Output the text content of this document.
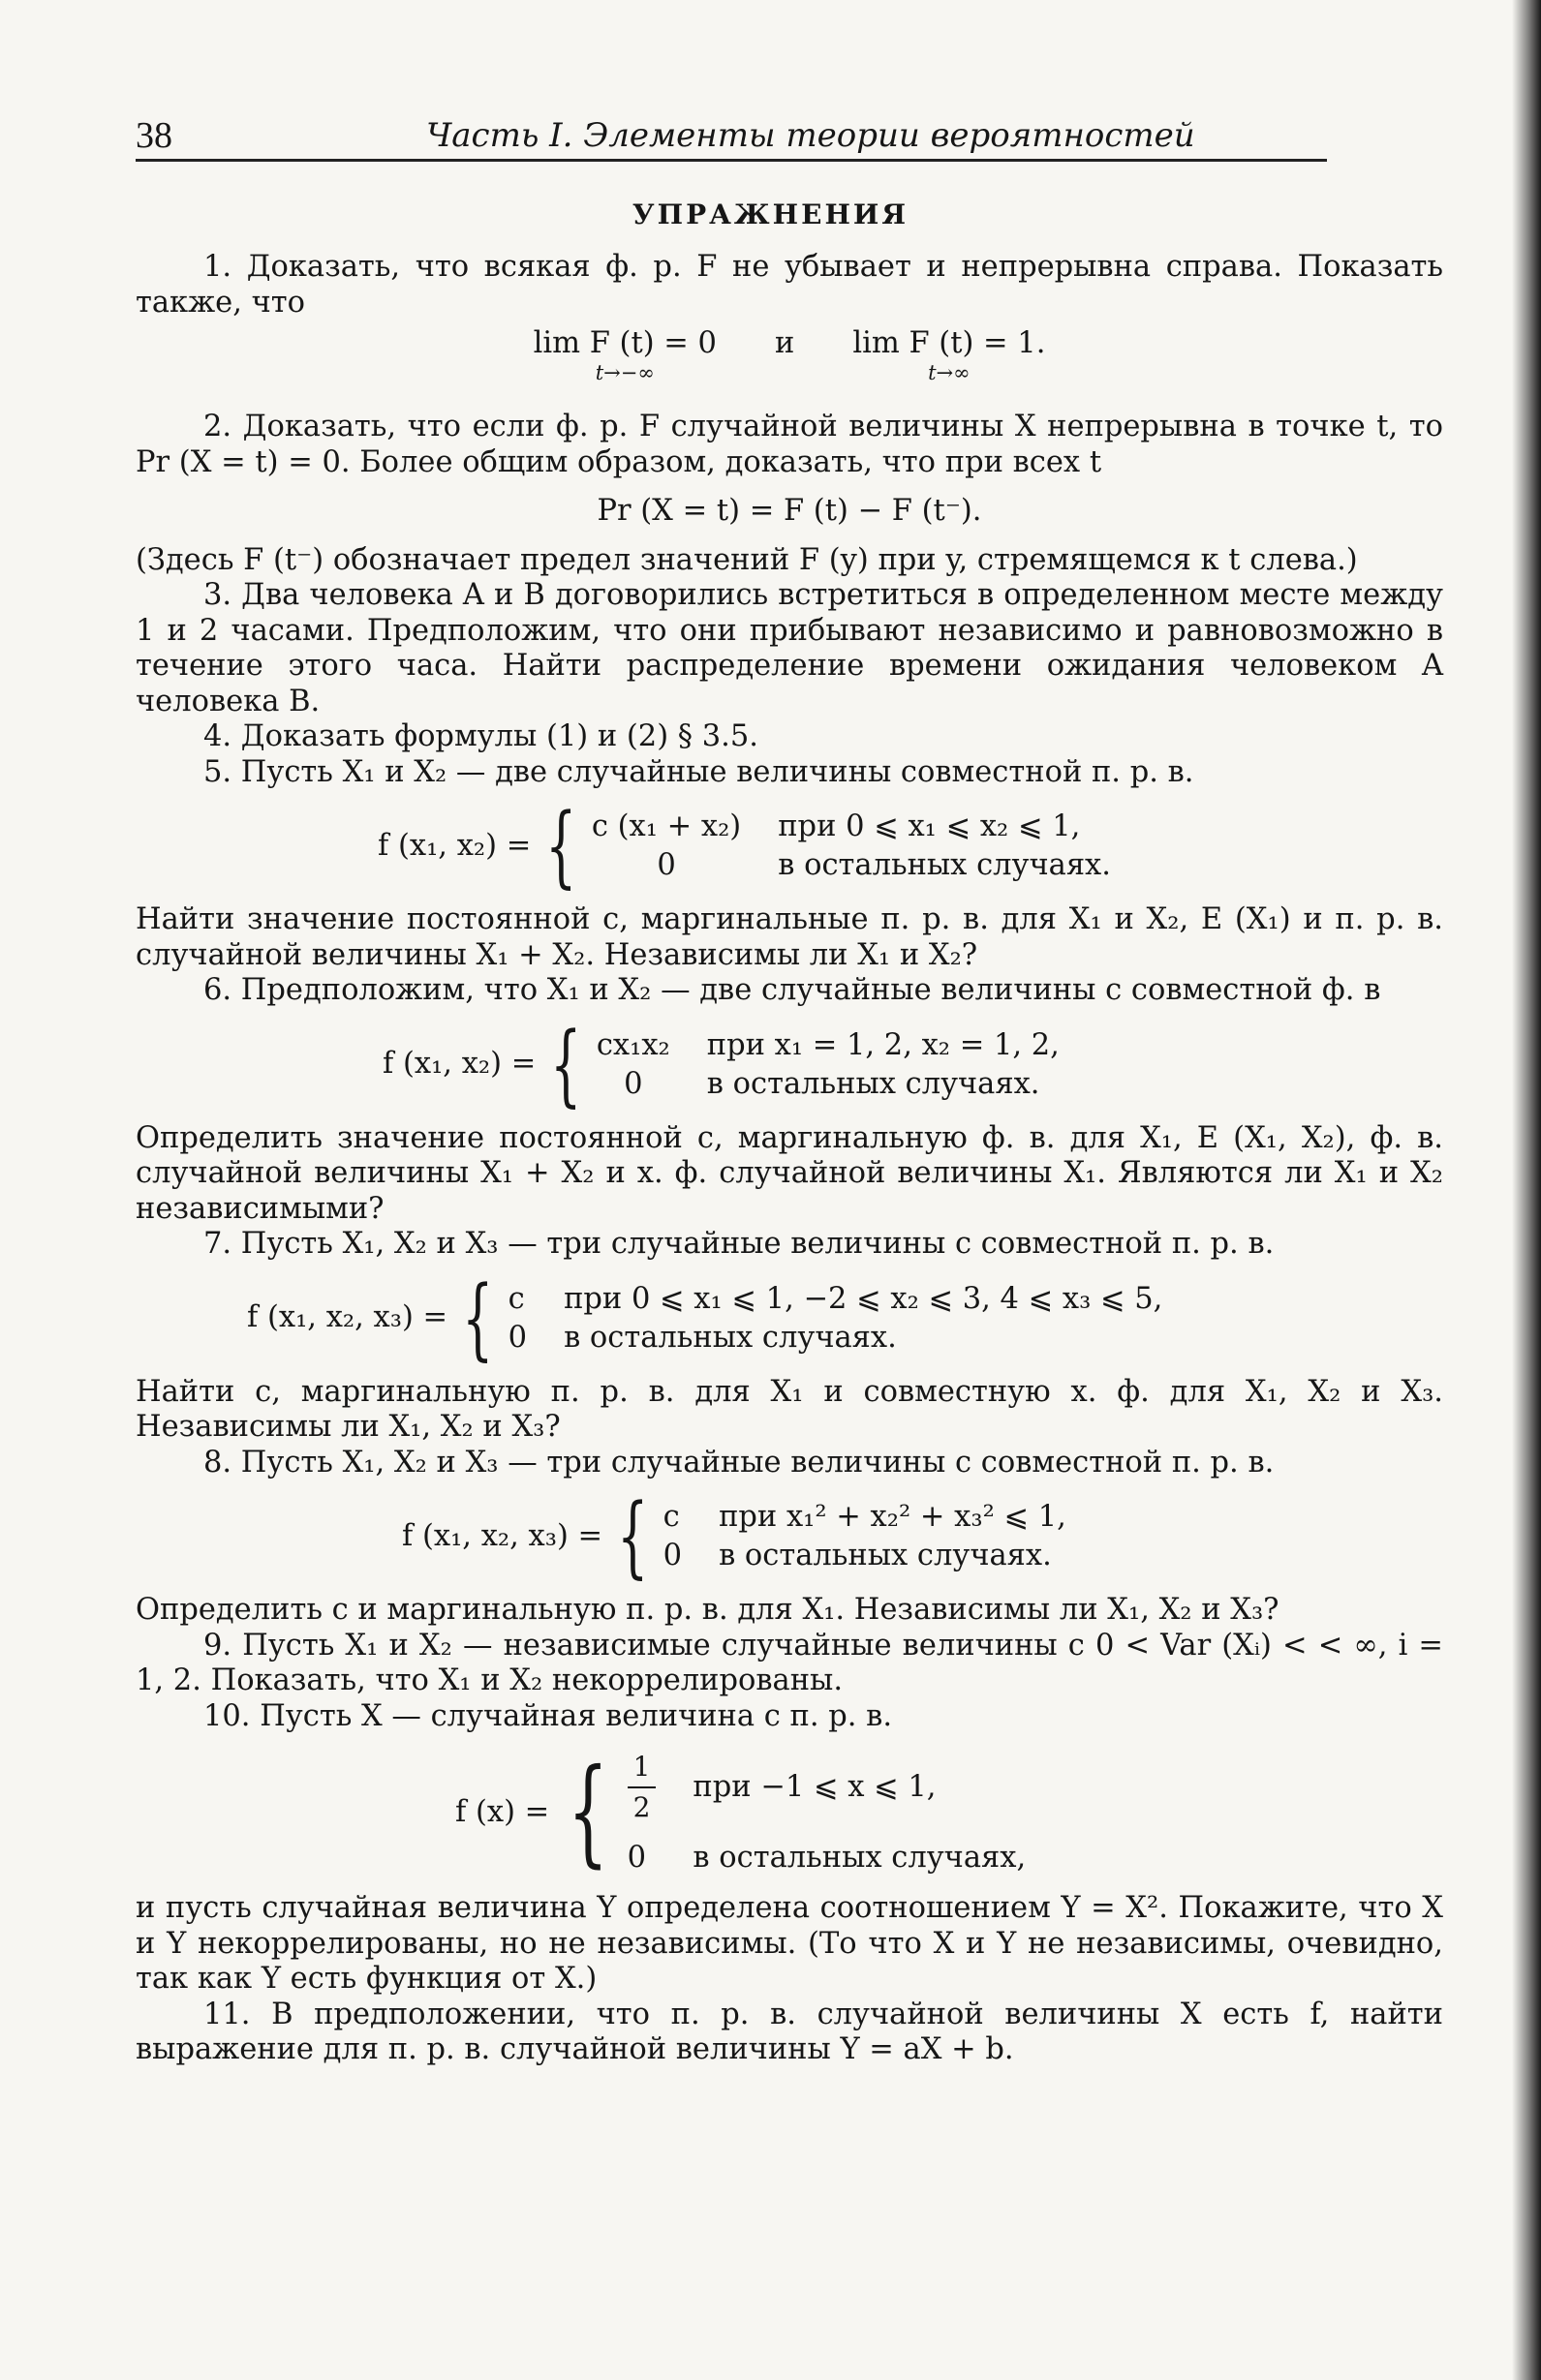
38	Часть I. Элементы теории вероятностей
УПРАЖНЕНИЯ

1. Доказать, что всякая ф. р. F не убывает и непрерывна справа. Показать также, что

lim F (t) = 0
t→−∞
и lim F (t) = 1.
t→∞

2. Доказать, что если ф. р. F случайной величины X непрерывна в точке t, то Pr (X = t) = 0. Более общим образом, доказать, что при всех t

Pr (X = t) = F (t) − F (t⁻).

(Здесь F (t⁻) обозначает предел значений F (y) при y, стремящемся к t слева.)

3. Два человека A и B договорились встретиться в определенном месте между 1 и 2 часами. Предположим, что они прибывают независимо и равновозможно в течение этого часа. Найти распределение времени ожидания человеком A человека B.

4. Доказать формулы (1) и (2) § 3.5.

5. Пусть X₁ и X₂ — две случайные величины совместной п. р. в.

f (x₁, x₂) = { c (x₁ + x₂) при 0 ⩽ x₁ ⩽ x₂ ⩽ 1,
0	в остальных случаях.

Найти значение постоянной c, маргинальные п. р. в. для X₁ и X₂, E (X₁) и п. р. в. случайной величины X₁ + X₂. Независимы ли X₁ и X₂?

6. Предположим, что X₁ и X₂ — две случайные величины с совместной ф. в

f (x₁, x₂) = { cx₁x₂ при x₁ = 1, 2, x₂ = 1, 2,
0	в остальных случаях.

Определить значение постоянной c, маргинальную ф. в. для X₁, E (X₁, X₂), ф. в. случайной величины X₁ + X₂ и х. ф. случайной величины X₁. Являются ли X₁ и X₂ независимыми?

7. Пусть X₁, X₂ и X₃ — три случайные величины с совместной п. р. в.

f (x₁, x₂, x₃) = { c при 0 ⩽ x₁ ⩽ 1, −2 ⩽ x₂ ⩽ 3, 4 ⩽ x₃ ⩽ 5,
0 в остальных случаях.

Найти c, маргинальную п. р. в. для X₁ и совместную х. ф. для X₁, X₂ и X₃. Независимы ли X₁, X₂ и X₃?

8. Пусть X₁, X₂ и X₃ — три случайные величины с совместной п. р. в.

f (x₁, x₂, x₃) = { c при x₁² + x₂² + x₃² ⩽ 1,
0 в остальных случаях.

Определить c и маргинальную п. р. в. для X₁. Независимы ли X₁, X₂ и X₃?

9. Пусть X₁ и X₂ — независимые случайные величины с 0 < Var (Xᵢ) < < ∞, i = 1, 2. Показать, что X₁ и X₂ некоррелированы.

10. Пусть X — случайная величина с п. р. в.

f (x) = { $\frac{1}{2}$ при −1 ⩽ x ⩽ 1,
0	в остальных случаях,

и пусть случайная величина Y определена соотношением Y = X². Покажите, что X и Y некоррелированы, но не независимы. (То что X и Y не независимы, очевидно, так как Y есть функция от X.)

11. В предположении, что п. р. в. случайной величины X есть f, найти выражение для п. р. в. случайной величины Y = aX + b.
